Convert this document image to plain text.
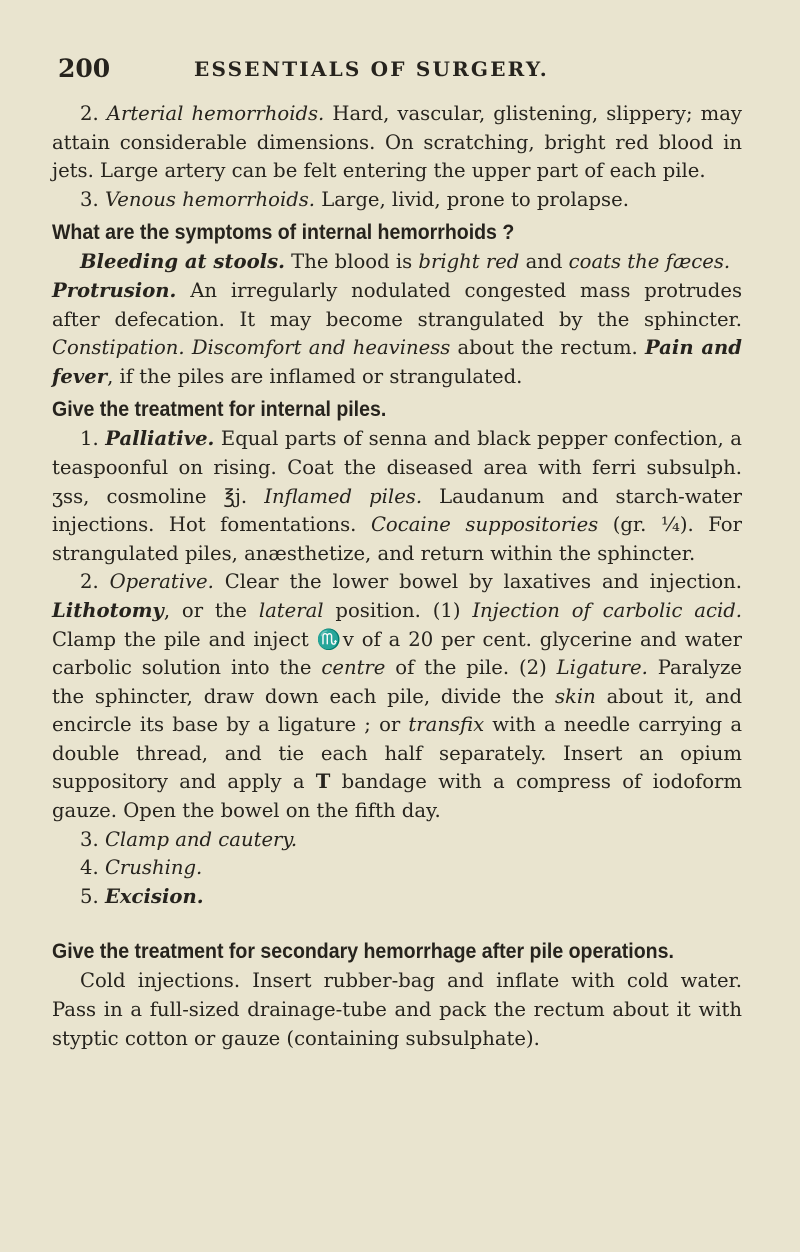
200	ESSENTIALS OF SURGERY.

2. Arterial hemorrhoids. Hard, vascular, glistening, slippery; may attain considerable dimensions. On scratching, bright red blood in jets. Large artery can be felt entering the upper part of each pile.

3. Venous hemorrhoids. Large, livid, prone to prolapse.

What are the symptoms of internal hemorrhoids ?

Bleeding at stools. The blood is bright red and coats the fæces.
Protrusion. An irregularly nodulated congested mass protrudes after defecation. It may become strangulated by the sphincter. Constipation. Discomfort and heaviness about the rectum. Pain and fever, if the piles are inflamed or strangulated.

Give the treatment for internal piles.

1. Palliative. Equal parts of senna and black pepper confection, a teaspoonful on rising. Coat the diseased area with ferri subsulph. ʒss, cosmoline ℥j. Inflamed piles. Laudanum and starch-water injections. Hot fomentations. Cocaine suppositories (gr. ¼). For strangulated piles, anæsthetize, and return within the sphincter.

2. Operative. Clear the lower bowel by laxatives and injection. Lithotomy, or the lateral position. (1) Injection of carbolic acid. Clamp the pile and inject ♏v of a 20 per cent. glycerine and water carbolic solution into the centre of the pile. (2) Ligature. Paralyze the sphincter, draw down each pile, divide the skin about it, and encircle its base by a ligature ; or transfix with a needle carrying a double thread, and tie each half separately. Insert an opium suppository and apply a T bandage with a compress of iodoform gauze. Open the bowel on the fifth day.

3. Clamp and cautery.

4. Crushing.

5. Excision.

Give the treatment for secondary hemorrhage after pile operations.

Cold injections. Insert rubber-bag and inflate with cold water. Pass in a full-sized drainage-tube and pack the rectum about it with styptic cotton or gauze (containing subsulphate).
